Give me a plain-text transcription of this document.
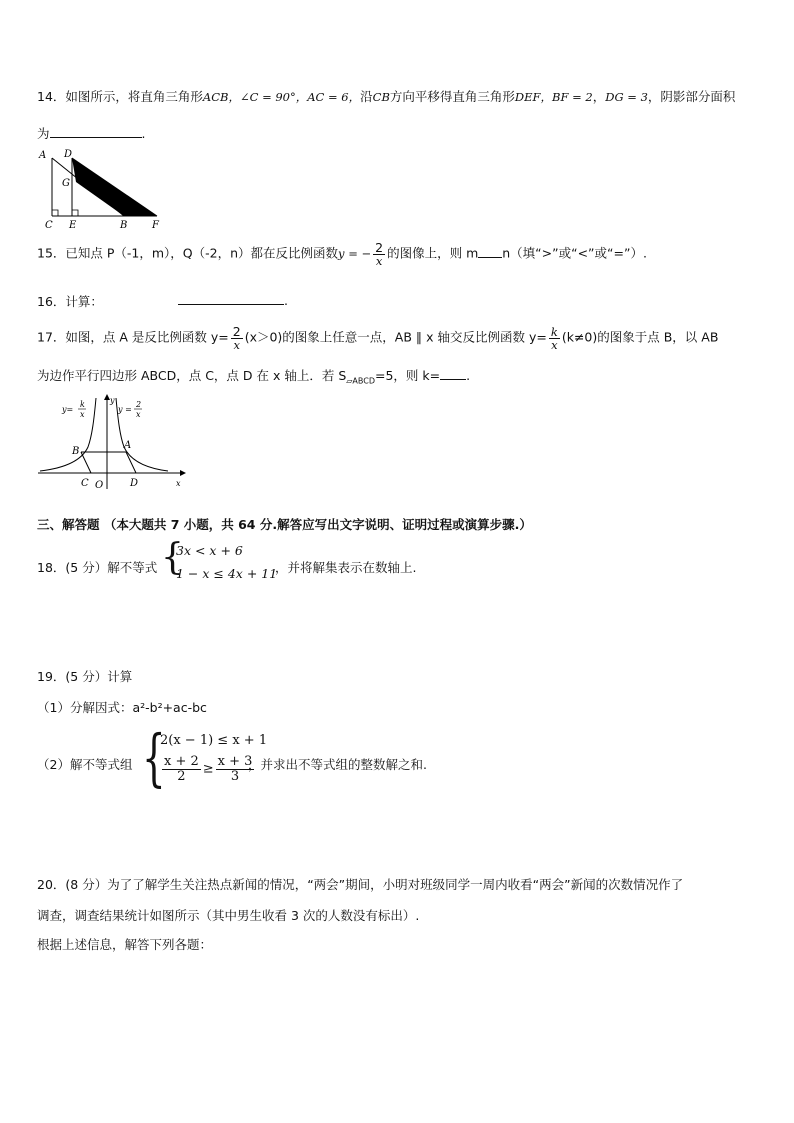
14．如图所示，将直角三角形ACB，∠C = 90°，AC = 6，沿CB方向平移得直角三角形DEF，BF = 2，DG = 3，阴影部分面积
为	.
A D
G
C E	B F
15．已知点 P（-1，m），Q（-2，n）都在反比例函数y = − $\frac{2}{x}$ 的图像上，则 m n（填“>”或“<”或“=”）.
16．计算：	.
17．如图，点 A 是反比例函数 $y= \frac{2}{x} (x>0)$的图象上任意一点，AB ∥ x 轴交反比例函数 $y= \frac{k}{x} (k\ne 0)$的图象于点 B，以 AB
为边作平行四边形 ABCD，点 C，点 D 在 x 轴上．若 $S_{▱ABCD}=5$，则 k= .
y=
k
x
y =
2
x
y
x
B
A
C O	D
三、解答题 （本大题共 7 小题，共 64 分.解答应写出文字说明、证明过程或演算步骤.）
18．(5 分）解不等式 {
3x < x + 6
1 − x ≤ 4x + 11
，并将解集表示在数轴上.
19．(5 分）计算
（1）分解因式：a²-b²+ac-bc
（2）解不等式组 {
2(x − 1) ≤ x + 1
$\frac{x + 2}{2} \ge \frac{x + 3}{3}$
，并求出不等式组的整数解之和.
20．(8 分）为了了解学生关注热点新闻的情况，“两会”期间，小明对班级同学一周内收看“两会”新闻的次数情况作了
调查，调查结果统计如图所示（其中男生收看 3 次的人数没有标出）.
根据上述信息，解答下列各题：
